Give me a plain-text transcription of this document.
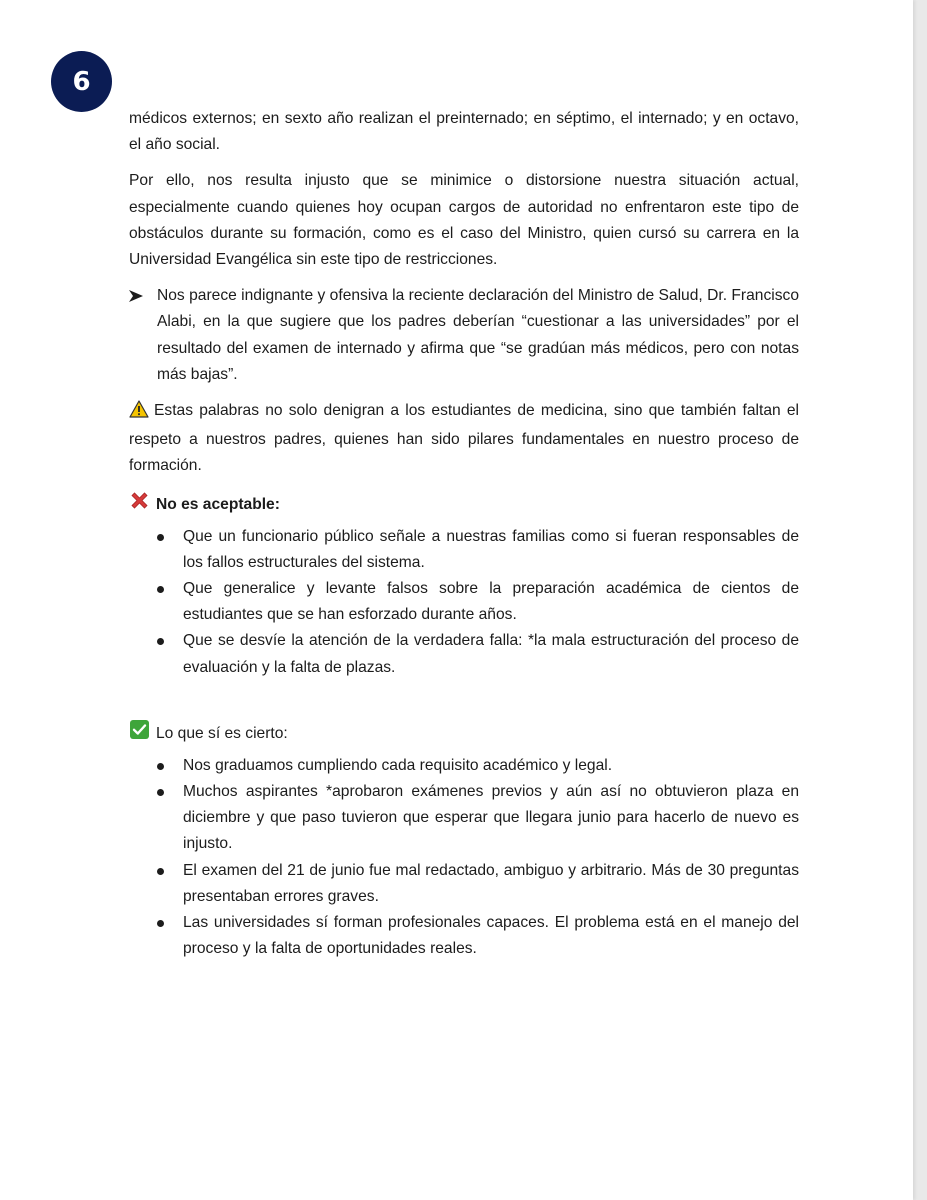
6

médicos externos; en sexto año realizan el preinternado; en séptimo, el internado; y en octavo, el año social.

Por ello, nos resulta injusto que se minimice o distorsione nuestra situación actual, especialmente cuando quienes hoy ocupan cargos de autoridad no enfrentaron este tipo de obstáculos durante su formación, como es el caso del Ministro, quien cursó su carrera en la Universidad Evangélica sin este tipo de restricciones.

Nos parece indignante y ofensiva la reciente declaración del Ministro de Salud, Dr. Francisco Alabi, en la que sugiere que los padres deberían “cuestionar a las universidades” por el resultado del examen de internado y afirma que “se gradúan más médicos, pero con notas más bajas”.

Estas palabras no solo denigran a los estudiantes de medicina, sino que también faltan el respeto a nuestros padres, quienes han sido pilares fundamentales en nuestro proceso de formación.

No es aceptable:
Que un funcionario público señale a nuestras familias como si fueran responsables de los fallos estructurales del sistema.
Que generalice y levante falsos sobre la preparación académica de cientos de estudiantes que se han esforzado durante años.
Que se desvíe la atención de la verdadera falla: *la mala estructuración del proceso de evaluación y la falta de plazas.
Lo que sí es cierto:
Nos graduamos cumpliendo cada requisito académico y legal.
Muchos aspirantes *aprobaron exámenes previos y aún así no obtuvieron plaza en diciembre y que paso tuvieron que esperar que llegara junio para hacerlo de nuevo es injusto.
El examen del 21 de junio fue mal redactado, ambiguo y arbitrario. Más de 30 preguntas presentaban errores graves.
Las universidades sí forman profesionales capaces. El problema está en el manejo del proceso y la falta de oportunidades reales.
